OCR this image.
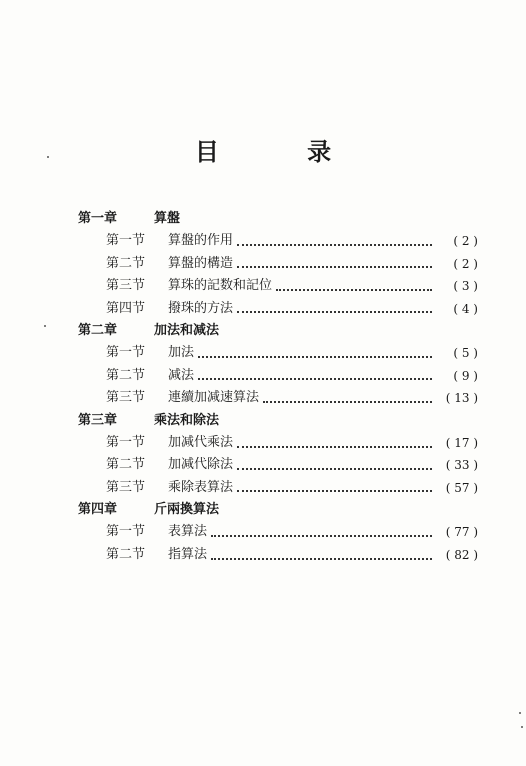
目 录
第一章	算盤
第一节	算盤的作用	( 2 )
第二节	算盤的構造	( 2 )
第三节	算珠的記数和記位	( 3 )
第四节	撥珠的方法	( 4 )
第二章	加法和减法
第一节	加法	( 5 )
第二节	减法	( 9 )
第三节	連續加减速算法	( 13 )
第三章	乘法和除法
第一节	加减代乘法	( 17 )
第二节	加减代除法	( 33 )
第三节	乘除表算法	( 57 )
第四章	斤兩換算法
第一节	表算法	( 77 )
第二节	指算法	( 82 )
